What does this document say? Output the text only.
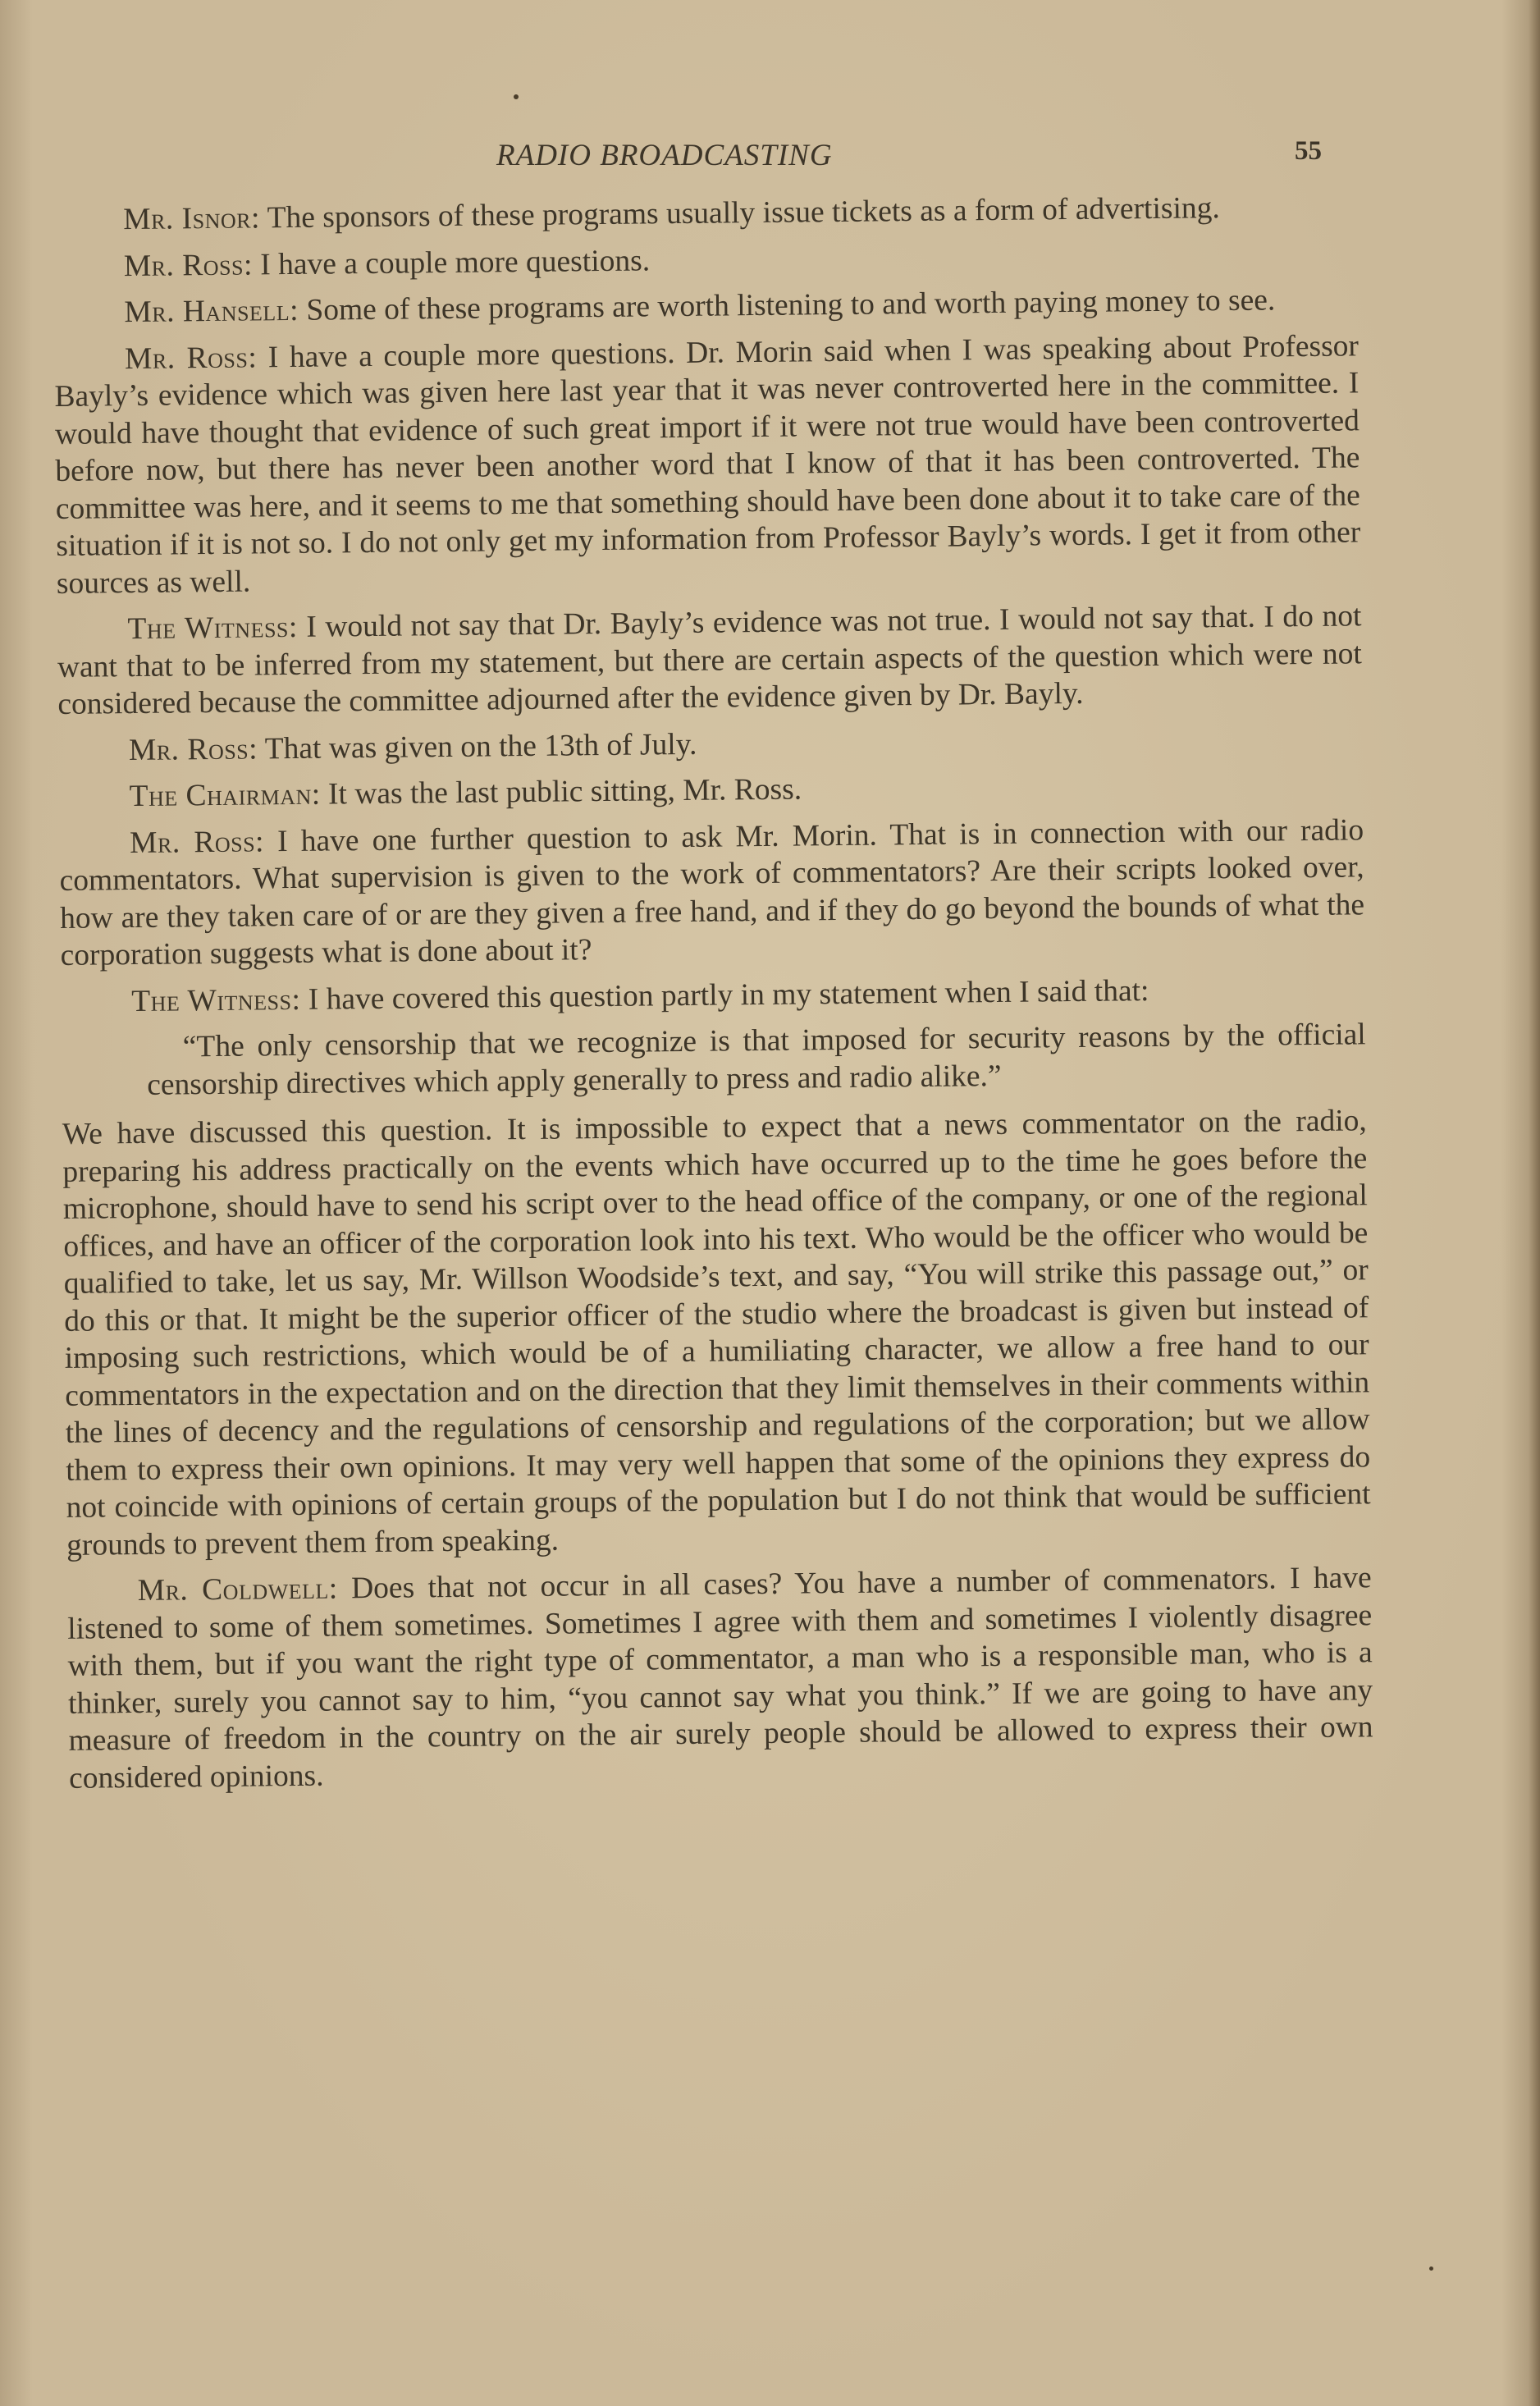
RADIO BROADCASTING	55

Mr. Isnor: The sponsors of these programs usually issue tickets as a form of advertising.

Mr. Ross: I have a couple more questions.

Mr. Hansell: Some of these programs are worth listening to and worth paying money to see.

Mr. Ross: I have a couple more questions. Dr. Morin said when I was speaking about Professor Bayly’s evidence which was given here last year that it was never controverted here in the committee. I would have thought that evidence of such great import if it were not true would have been controverted before now, but there has never been another word that I know of that it has been controverted. The committee was here, and it seems to me that something should have been done about it to take care of the situation if it is not so. I do not only get my information from Professor Bayly’s words. I get it from other sources as well.

The Witness: I would not say that Dr. Bayly’s evidence was not true. I would not say that. I do not want that to be inferred from my statement, but there are certain aspects of the question which were not considered because the committee adjourned after the evidence given by Dr. Bayly.

Mr. Ross: That was given on the 13th of July.

The Chairman: It was the last public sitting, Mr. Ross.

Mr. Ross: I have one further question to ask Mr. Morin. That is in connection with our radio commentators. What supervision is given to the work of commentators? Are their scripts looked over, how are they taken care of or are they given a free hand, and if they do go beyond the bounds of what the corporation suggests what is done about it?

The Witness: I have covered this question partly in my statement when I said that:

“The only censorship that we recognize is that imposed for security reasons by the official censorship directives which apply generally to press and radio alike.”

We have discussed this question. It is impossible to expect that a news commentator on the radio, preparing his address practically on the events which have occurred up to the time he goes before the microphone, should have to send his script over to the head office of the company, or one of the regional offices, and have an officer of the corporation look into his text. Who would be the officer who would be qualified to take, let us say, Mr. Willson Woodside’s text, and say, “You will strike this passage out,” or do this or that. It might be the superior officer of the studio where the broadcast is given but instead of imposing such restrictions, which would be of a humiliating character, we allow a free hand to our commentators in the expectation and on the direction that they limit themselves in their comments within the lines of decency and the regulations of censorship and regulations of the corporation; but we allow them to express their own opinions. It may very well happen that some of the opinions they express do not coincide with opinions of certain groups of the population but I do not think that would be sufficient grounds to prevent them from speaking.

Mr. Coldwell: Does that not occur in all cases? You have a number of commenators. I have listened to some of them sometimes. Sometimes I agree with them and sometimes I violently disagree with them, but if you want the right type of commentator, a man who is a responsible man, who is a thinker, surely you cannot say to him, “you cannot say what you think.” If we are going to have any measure of freedom in the country on the air surely people should be allowed to express their own considered opinions.
